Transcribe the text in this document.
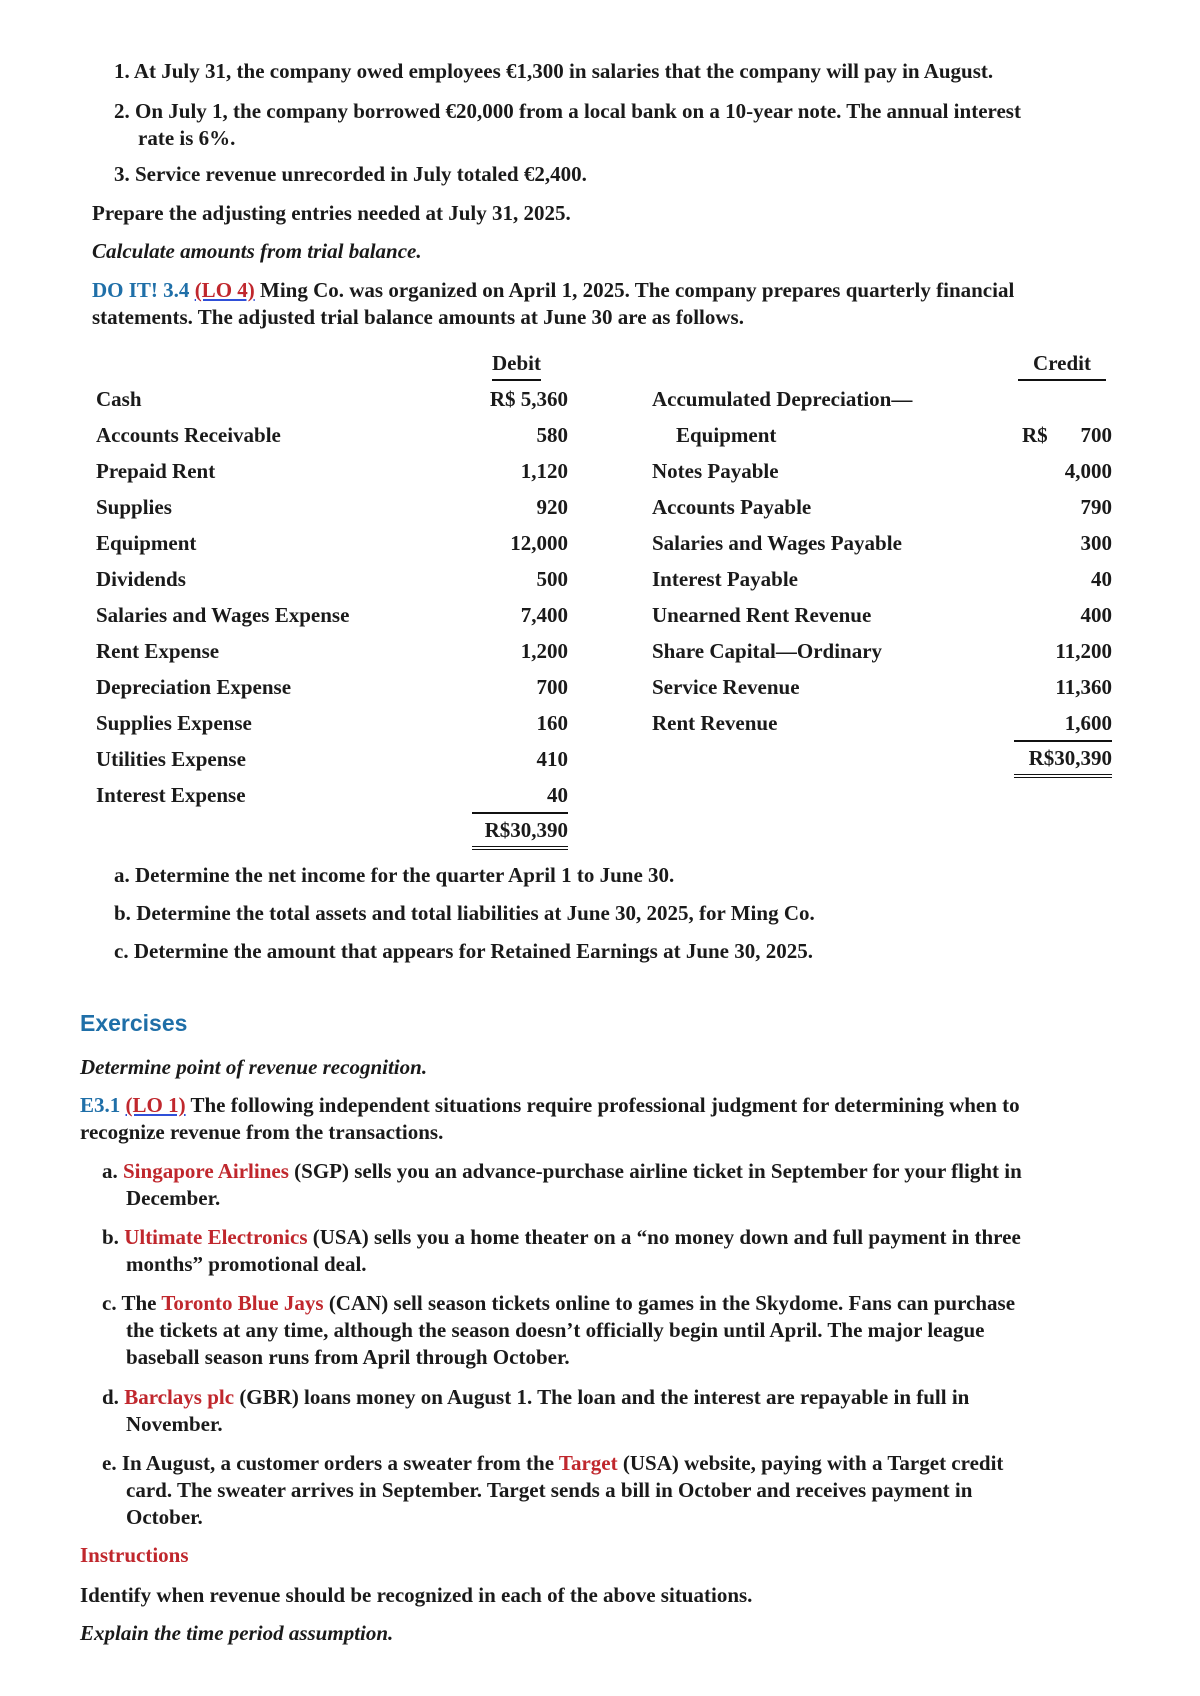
1. At July 31, the company owed employees €1,300 in salaries that the company will pay in August.
2. On July 1, the company borrowed €20,000 from a local bank on a 10-year note. The annual interest
rate is 6%.
3. Service revenue unrecorded in July totaled €2,400.
Prepare the adjusting entries needed at July 31, 2025.
Calculate amounts from trial balance.
DO IT! 3.4 (LO 4) Ming Co. was organized on April 1, 2025. The company prepares quarterly financial
statements. The adjusted trial balance amounts at June 30 are as follows.
Debit	Credit
Cash	R$ 5,360
Accounts Receivable	580
Prepaid Rent	1,120
Supplies	920
Equipment	12,000
Dividends	500
Salaries and Wages Expense	7,400
Rent Expense	1,200
Depreciation Expense	700
Supplies Expense	160
Utilities Expense	410
Interest Expense	40
R$30,390
Accumulated Depreciation—
Equipment	R$	700
Notes Payable	4,000
Accounts Payable	790
Salaries and Wages Payable	300
Interest Payable	40
Unearned Rent Revenue	400
Share Capital—Ordinary	11,200
Service Revenue	11,360
Rent Revenue	1,600
R$30,390
a. Determine the net income for the quarter April 1 to June 30.
b. Determine the total assets and total liabilities at June 30, 2025, for Ming Co.
c. Determine the amount that appears for Retained Earnings at June 30, 2025.
Exercises
Determine point of revenue recognition.
E3.1 (LO 1) The following independent situations require professional judgment for determining when to
recognize revenue from the transactions.
a. Singapore Airlines (SGP) sells you an advance-purchase airline ticket in September for your flight in
December.
b. Ultimate Electronics (USA) sells you a home theater on a “no money down and full payment in three
months” promotional deal.
c. The Toronto Blue Jays (CAN) sell season tickets online to games in the Skydome. Fans can purchase
the tickets at any time, although the season doesn’t officially begin until April. The major league
baseball season runs from April through October.
d. Barclays plc (GBR) loans money on August 1. The loan and the interest are repayable in full in
November.
e. In August, a customer orders a sweater from the Target (USA) website, paying with a Target credit
card. The sweater arrives in September. Target sends a bill in October and receives payment in
October.
Instructions
Identify when revenue should be recognized in each of the above situations.
Explain the time period assumption.
